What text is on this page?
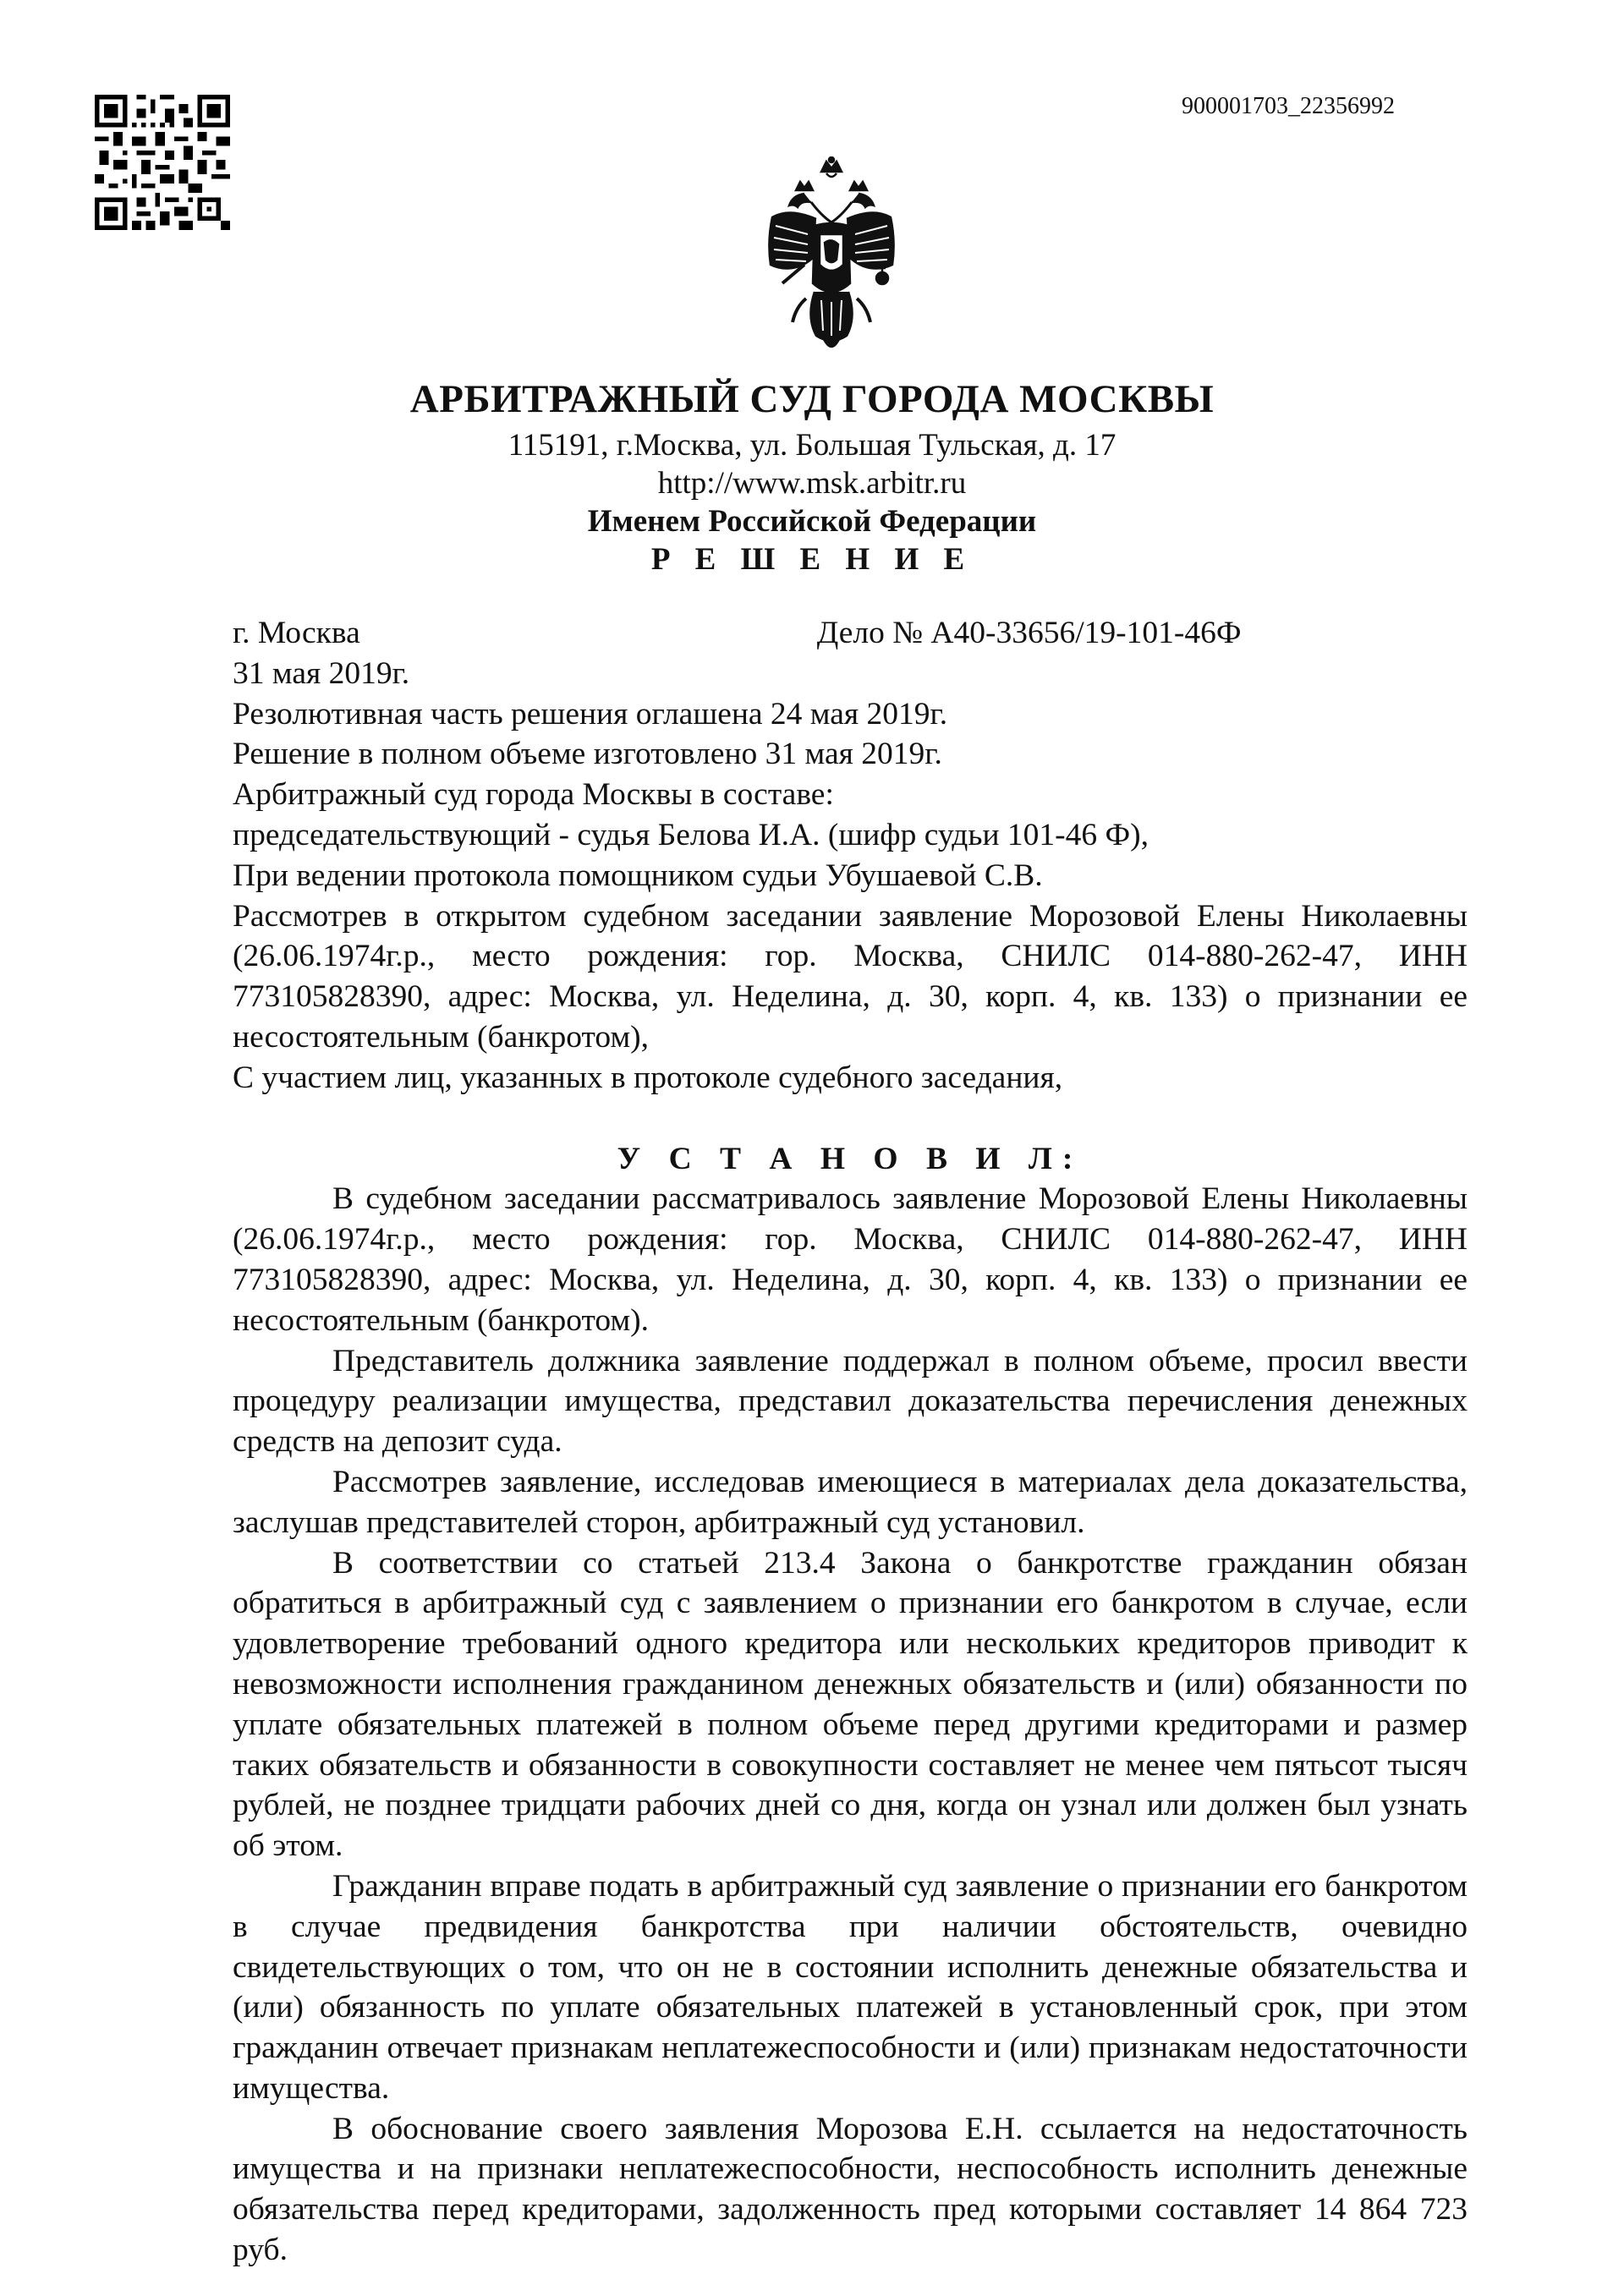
900001703_22356992
АРБИТРАЖНЫЙ СУД ГОРОДА МОСКВЫ
115191, г.Москва, ул. Большая Тульская, д. 17
http://www.msk.arbitr.ru
Именем Российской Федерации
Р Е Ш Е Н И Е
г. Москва	Дело № А40-33656/19-101-46Ф

31 мая 2019г.

Резолютивная часть решения оглашена 24 мая 2019г.

Решение в полном объеме изготовлено 31 мая 2019г.

Арбитражный суд города Москвы в составе:

председательствующий - судья Белова И.А. (шифр судьи 101-46 Ф),

При ведении протокола помощником судьи Убушаевой С.В.

Рассмотрев в открытом судебном заседании заявление Морозовой Елены Николаевны (26.06.1974г.р., место рождения: гор. Москва, СНИЛС 014-880-262-47, ИНН 773105828390, адрес: Москва, ул. Неделина, д. 30, корп. 4, кв. 133) о признании ее несостоятельным (банкротом),

С участием лиц, указанных в протоколе судебного заседания,

У С Т А Н О В И Л:

В судебном заседании рассматривалось заявление Морозовой Елены Николаевны (26.06.1974г.р., место рождения: гор. Москва, СНИЛС 014-880-262-47, ИНН 773105828390, адрес: Москва, ул. Неделина, д. 30, корп. 4, кв. 133) о признании ее несостоятельным (банкротом).

Представитель должника заявление поддержал в полном объеме, просил ввести процедуру реализации имущества, представил доказательства перечисления денежных средств на депозит суда.

Рассмотрев заявление, исследовав имеющиеся в материалах дела доказательства, заслушав представителей сторон, арбитражный суд установил.

В соответствии со статьей 213.4 Закона о банкротстве гражданин обязан обратиться в арбитражный суд с заявлением о признании его банкротом в случае, если удовлетворение требований одного кредитора или нескольких кредиторов приводит к невозможности исполнения гражданином денежных обязательств и (или) обязанности по уплате обязательных платежей в полном объеме перед другими кредиторами и размер таких обязательств и обязанности в совокупности составляет не менее чем пятьсот тысяч рублей, не позднее тридцати рабочих дней со дня, когда он узнал или должен был узнать об этом.

Гражданин вправе подать в арбитражный суд заявление о признании его банкротом в случае предвидения банкротства при наличии обстоятельств, очевидно свидетельствующих о том, что он не в состоянии исполнить денежные обязательства и (или) обязанность по уплате обязательных платежей в установленный срок, при этом гражданин отвечает признакам неплатежеспособности и (или) признакам недостаточности имущества.

В обоснование своего заявления Морозова Е.Н. ссылается на недостаточность имущества и на признаки неплатежеспособности, неспособность исполнить денежные обязательства перед кредиторами, задолженность пред которыми составляет 14 864 723 руб.
